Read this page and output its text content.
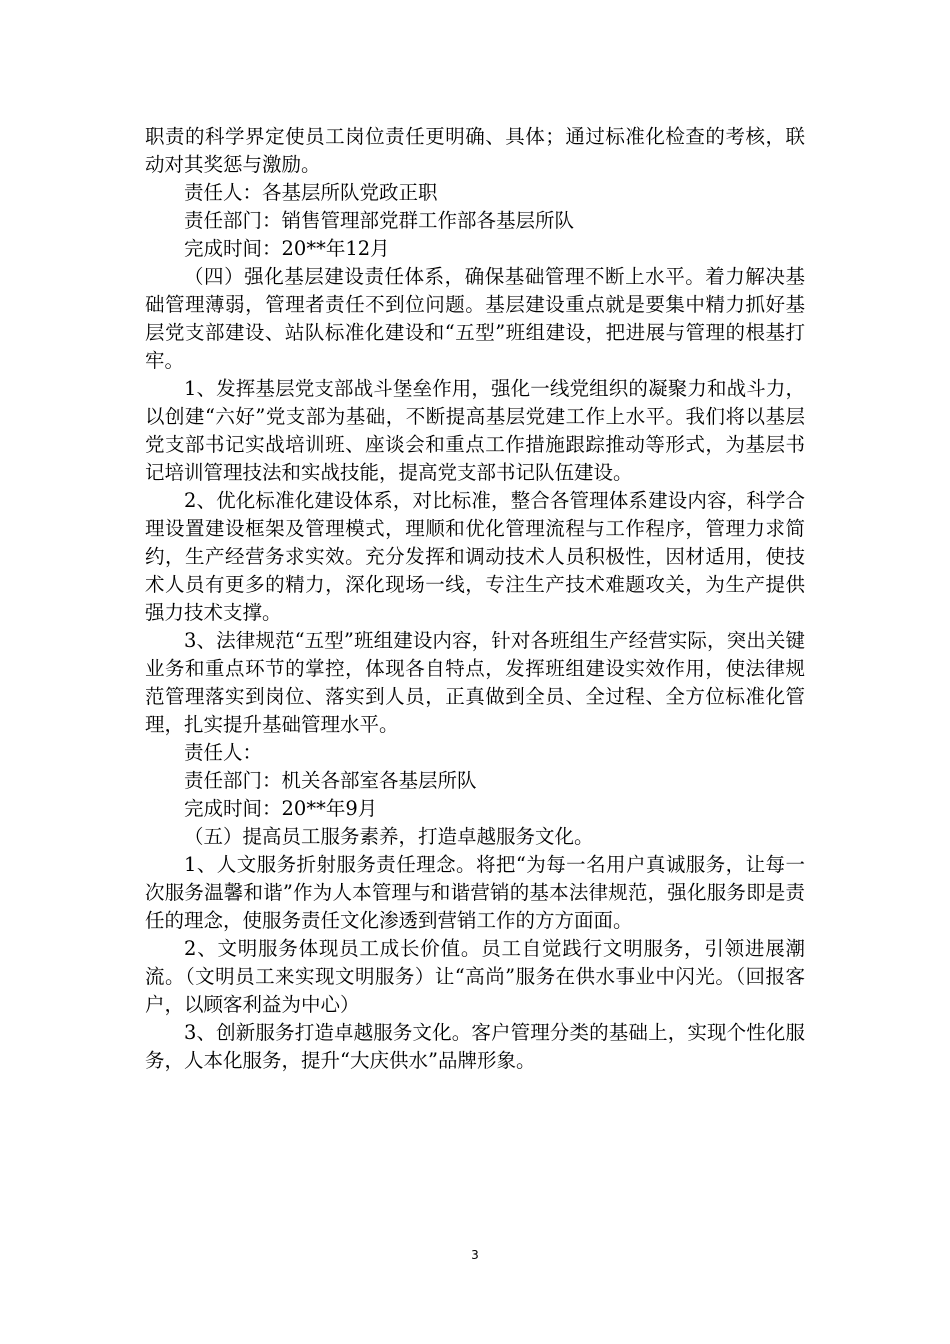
职责的科学界定使员工岗位责任更明确、具体；通过标准化检查的考核，联动对其奖惩与激励。

责任人：各基层所队党政正职

责任部门：销售管理部党群工作部各基层所队

完成时间：20**年12月

（四）强化基层建设责任体系，确保基础管理不断上水平。着力解决基础管理薄弱，管理者责任不到位问题。基层建设重点就是要集中精力抓好基层党支部建设、站队标准化建设和“五型”班组建设，把进展与管理的根基打牢。

1、发挥基层党支部战斗堡垒作用，强化一线党组织的凝聚力和战斗力，以创建“六好”党支部为基础，不断提高基层党建工作上水平。我们将以基层党支部书记实战培训班、座谈会和重点工作措施跟踪推动等形式，为基层书记培训管理技法和实战技能，提高党支部书记队伍建设。

2、优化标准化建设体系，对比标准，整合各管理体系建设内容，科学合理设置建设框架及管理模式，理顺和优化管理流程与工作程序，管理力求简约，生产经营务求实效。充分发挥和调动技术人员积极性，因材适用，使技术人员有更多的精力，深化现场一线，专注生产技术难题攻关，为生产提供强力技术支撑。

3、法律规范“五型”班组建设内容，针对各班组生产经营实际，突出关键业务和重点环节的掌控，体现各自特点，发挥班组建设实效作用，使法律规范管理落实到岗位、落实到人员，正真做到全员、全过程、全方位标准化管理，扎实提升基础管理水平。

责任人：

责任部门：机关各部室各基层所队

完成时间：20**年9月

（五）提高员工服务素养，打造卓越服务文化。

1、人文服务折射服务责任理念。将把“为每一名用户真诚服务，让每一次服务温馨和谐”作为人本管理与和谐营销的基本法律规范，强化服务即是责任的理念，使服务责任文化渗透到营销工作的方方面面。

2、文明服务体现员工成长价值。员工自觉践行文明服务，引领进展潮流。（文明员工来实现文明服务）让“高尚”服务在供水事业中闪光。（回报客户，以顾客利益为中心）

3、创新服务打造卓越服务文化。客户管理分类的基础上，实现个性化服务，人本化服务，提升“大庆供水”品牌形象。

3
